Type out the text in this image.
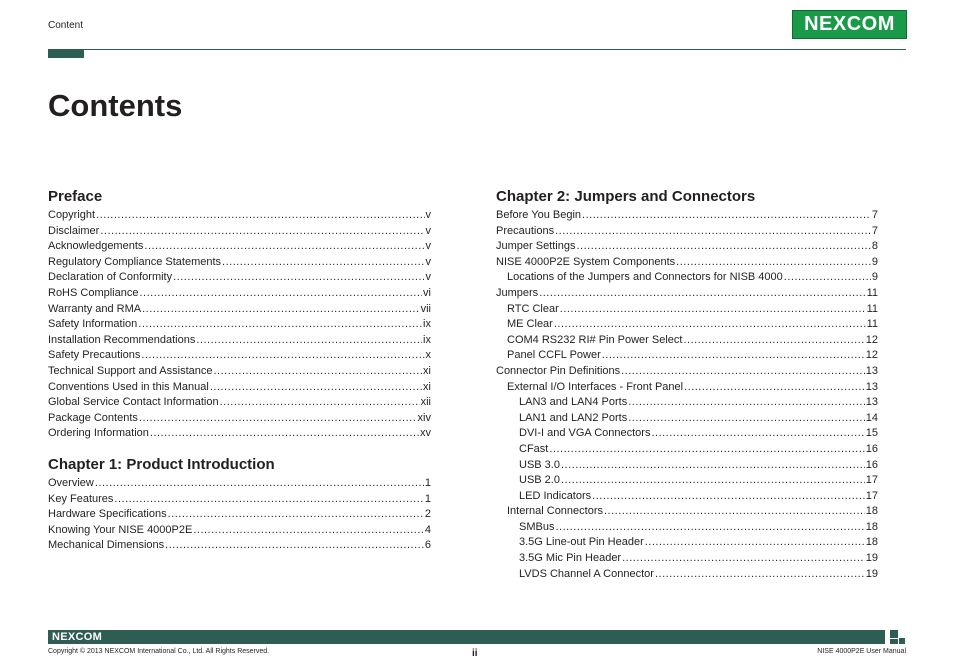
Content	NEXCOM
Contents
Preface
Copyright .....	v
Disclaimer .....	v
Acknowledgements .....	v
Regulatory Compliance Statements .....	v
Declaration of Conformity .....	v
RoHS Compliance .....	vi
Warranty and RMA .....	vii
Safety Information .....	ix
Installation Recommendations .....	ix
Safety Precautions .....	x
Technical Support and Assistance .....	xi
Conventions Used in this Manual .....	xi
Global Service Contact Information .....	xii
Package Contents .....	xiv
Ordering Information .....	xv
Chapter 1: Product Introduction
Overview .....	1
Key Features .....	1
Hardware Specifications .....	2
Knowing Your NISE 4000P2E .....	4
Mechanical Dimensions .....	6
Chapter 2: Jumpers and Connectors
Before You Begin .....	7
Precautions .....	7
Jumper Settings .....	8
NISE 4000P2E System Components .....	9
Locations of the Jumpers and Connectors for NISB 4000 .....	9
Jumpers .....	11
RTC Clear .....	11
ME Clear .....	11
COM4 RS232 RI# Pin Power Select .....	12
Panel CCFL Power .....	12
Connector Pin Definitions .....	13
External I/O Interfaces - Front Panel .....	13
LAN3 and LAN4 Ports .....	13
LAN1 and LAN2 Ports .....	14
DVI-I and VGA Connectors .....	15
CFast .....	16
USB 3.0 .....	16
USB 2.0 .....	17
LED Indicators .....	17
Internal Connectors .....	18
SMBus .....	18
3.5G Line-out Pin Header .....	18
3.5G Mic Pin Header .....	19
LVDS Channel A Connector .....	19
NEXCOM
Copyright © 2013 NEXCOM International Co., Ltd. All Rights Reserved.	ii	NISE 4000P2E User Manual
